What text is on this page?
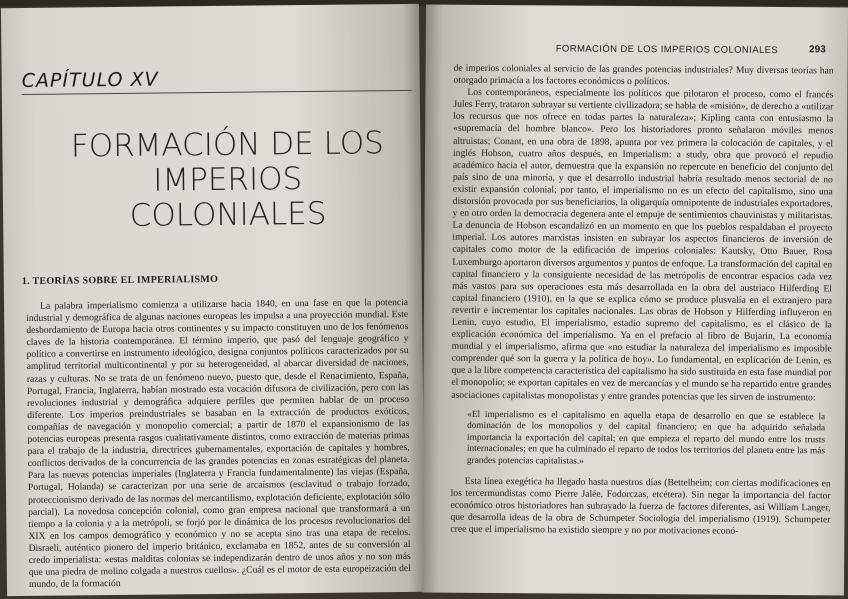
CAPÍTULO XV
FORMACIÓN DE LOS
IMPERIOS COLONIALES
1. TEORÍAS SOBRE EL IMPERIALISMO

La palabra imperialismo comienza a utilizarse hacia 1840, en una fase en que la potencia industrial y demográfica de algunas naciones europeas les impulsa a una proyección mundial. Este desbordamiento de Europa hacia otros continentes y su impacto constituyen uno de los fenómenos claves de la historia contemporánea. El término imperio, que pasó del lenguaje geográfico y político a convertirse en instrumento ideológico, designa conjuntos políticos caracterizados por su amplitud territorial multicontinental y por su heterogeneidad, al abarcar diversidad de naciones, razas y culturas. No se trata de un fenómeno nuevo, puesto que, desde el Renacimiento, España, Portugal, Francia, Inglaterra, habían mostrado esta vocación difusora de civilización, pero con las revoluciones industrial y demográfica adquiere perfiles que permiten hablar de un proceso diferente. Los imperios preindustriales se basaban en la extracción de productos exóticos, compañías de navegación y monopolio comercial; a partir de 1870 el expansionismo de las potencias europeas presenta rasgos cualitativamente distintos, como extracción de materias primas para el trabajo de la industria, directrices gubernamentales, exportación de capitales y hombres, conflictos derivados de la concurrencia de las grandes potencias en zonas estratégicas del planeta. Para las nuevas potencias imperiales (Inglaterra y Francia fundamentalmente) las viejas (España, Portugal, Holanda) se caracterizan por una serie de arcaísmos (esclavitud o trabajo forzado, proteccionismo derivado de las normas del mercantilismo, explotación deficiente, explotación sólo parcial). La novedosa concepción colonial, como gran empresa nacional que transformará a un tiempo a la colonia y a la metrópoli, se forjó por le dinámica de los procesos revolucionarios del XIX en los campos demográfico y económico y no se acepta sino tras una etapa de recelos. Disraeli, auténtico pionero del imperio británico, exclamaba en 1852, antes de su conversión al credo imperialista: «estas malditas colonias se independizarán dentro de unos años y no son más que una piedra de molino colgada a nuestros cuellos». ¿Cuál es el motor de esta europeización del mundo, de la formación

FORMACIÓN DE LOS IMPERIOS COLONIALES	293

de imperios coloniales al servicio de las grandes potencias industriales? Muy diversas teorías han otorgado primacía a los factores económicos o políticos.

Los contemporáneos, especialmente los políticos que pilotaron el proceso, como el francés Jules Ferry, trataron subrayar su vertiente civilizadora; se habla de «misión», de derecho a «utilizar los recursos que nos ofrece en todas partes la naturaleza»; Kipling canta con entusiasmo la «supremacía del hombre blanco». Pero los historiadores pronto señalaron móviles menos altruistas; Conant, en una obra de 1898, apunta por vez primera la colocación de capitales, y el inglés Hobson, cuatro años después, en Imperialism: a study, obra que provocó el repudio académico hacia el autor, demuestra que la expansión no repercute en beneficio del conjunto del país sino de una minoría, y que el desarrollo industrial habría resultado menos sectorial de no existir expansión colonial; por tanto, el imperialismo no es un efecto del capitalismo, sino una distorsión provocada por sus beneficiarios, la oligarquía omnipotente de industriales exportadores, y en otro orden la democracia degenera ante el empuje de sentimientos chauvinistas y militaristas. La denuncia de Hobson escandalizó en un momento en que los pueblos respaldaban el proyecto imperial. Los autores marxistas insisten en subrayar los aspectos financieros de inversión de capitales como motor de la edificación de imperios coloniales: Kautsky, Otto Bauer, Rosa Luxemburgo aportaron diversos argumentos y puntos de enfoque. La transformación del capital en capital financiero y la consiguiente necesidad de las metrópolis de encontrar espacios cada vez más vastos para sus operaciones esta más desarrollada en la obra del austriaco Hilferding El capital financiero (1910), en la que se explica cómo se produce plusvalía en el extranjero para revertir e incrementar los capitales nacionales. Las obras de Hobson y Hilferding influyeron en Lenin, cuyo estudio, El imperialismo, estadio supremo del capitalismo, es el clásico de la explicación económica del imperialismo. Ya en el prefacio al libro de Bujarin, La economía mundial y el imperialismo, afirma que «no estudiar la naturaleza del imperialismo es imposible comprender qué son la guerra y la política de hoy». Lo fundamental, en explicación de Lenin, es que a la libre competencia característica del capitalismo ha sido sustituida en esta fase mundial por el monopolio; se exportan capitales en vez de mercancías y el mundo se ha repartido entre grandes asociaciones capitalistas monopolistas y entre grandes potencias que les sirven de instrumento:

«El imperialismo es el capitalismo en aquella etapa de desarrollo en que se establece la dominación de los monopolios y del capital financiero; en que ha adquirido señalada importancia la exportación del capital; en que empieza el reparto del mundo entre los trusts internacionales; en que ha culminado el reparto de todos los territorios del planeta entre las más grandes potencias capitalistas.»

Esta línea exegética ha llegado hasta nuestros días (Bettelheim; con ciertas modificaciones en los tercermundistas como Pierre Jalée, Fodorczas, etcétera). Sin negar la importancia del factor económico otros historiadores han subrayado la fuerza de factores diferentes, así William Langer, que desarrolla ideas de la obra de Schumpeter Sociología del imperialismo (1919). Schumpeter cree que el imperialismo ha existido siempre y no por motivaciones econó-
